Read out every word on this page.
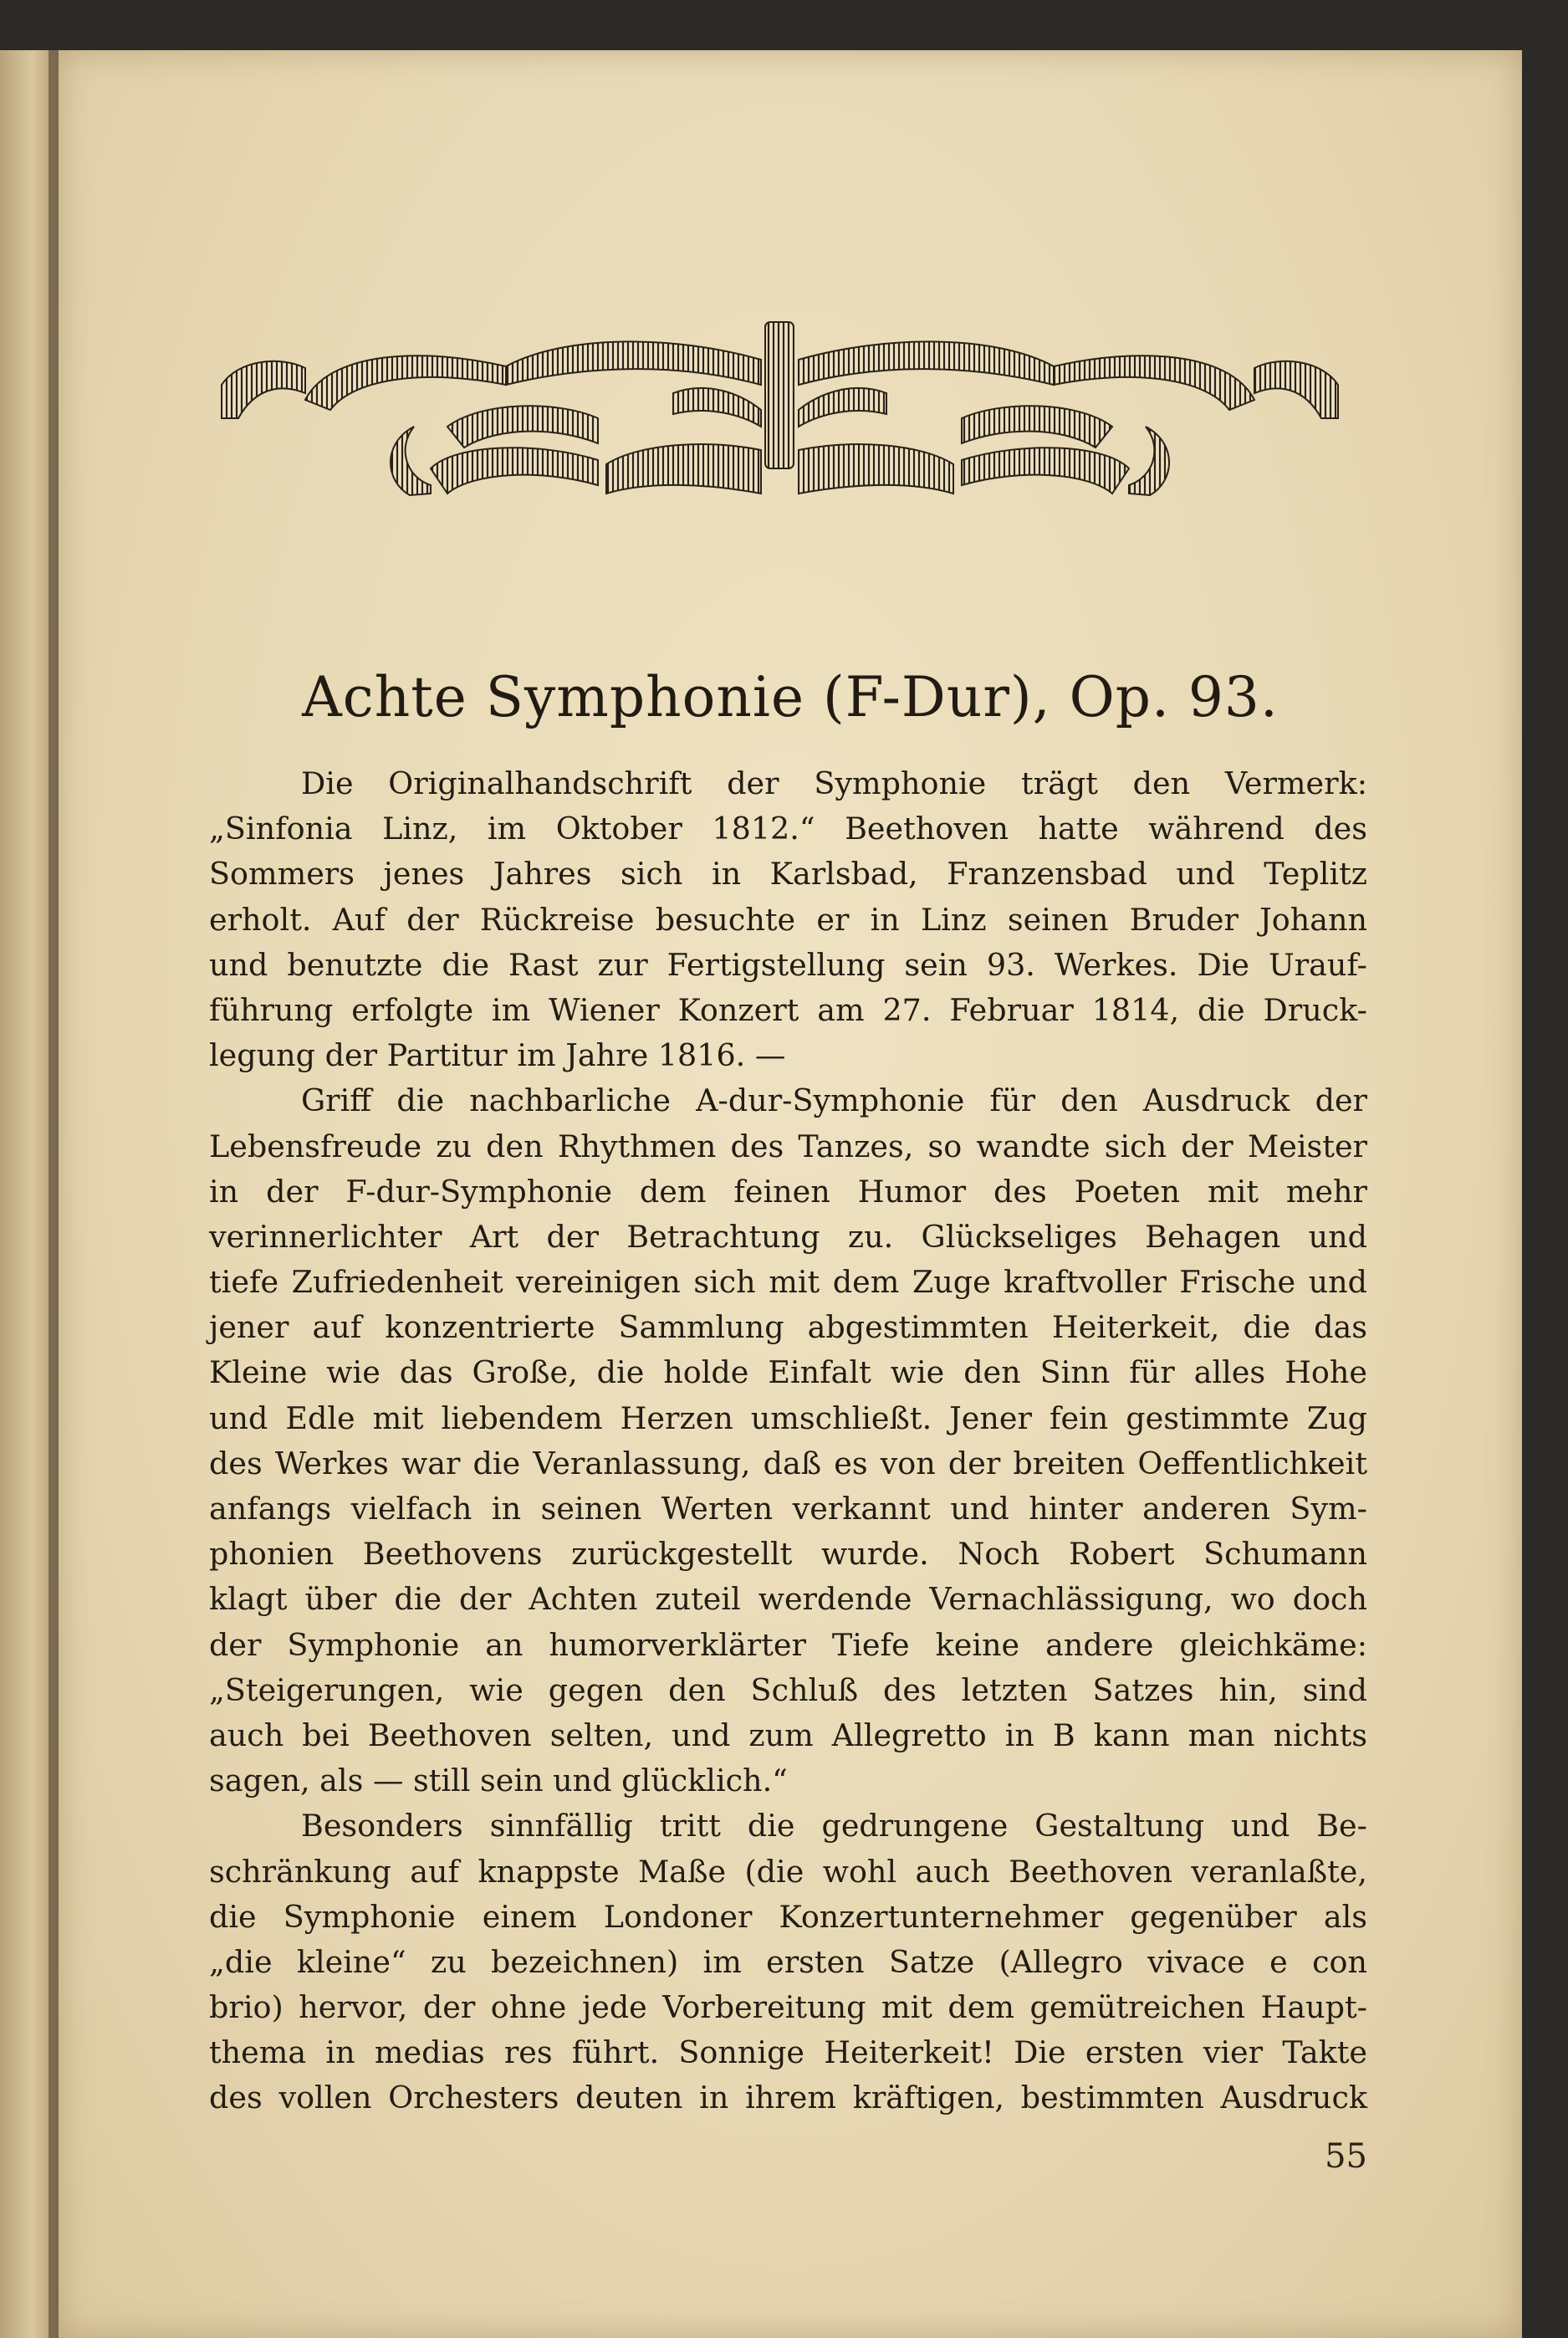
Achte Symphonie (F-Dur), Op. 93.
Die Originalhandschrift der Symphonie trägt den Vermerk:
„Sinfonia Linz, im Oktober 1812.“ Beethoven hatte während des
Sommers jenes Jahres sich in Karlsbad, Franzensbad und Teplitz
erholt. Auf der Rückreise besuchte er in Linz seinen Bruder Johann
und benutzte die Rast zur Fertigstellung sein 93. Werkes. Die Urauf-
führung erfolgte im Wiener Konzert am 27. Februar 1814, die Druck-
legung der Partitur im Jahre 1816. —
Griff die nachbarliche A-dur-Symphonie für den Ausdruck der
Lebensfreude zu den Rhythmen des Tanzes, so wandte sich der Meister
in der F-dur-Symphonie dem feinen Humor des Poeten mit mehr
verinnerlichter Art der Betrachtung zu. Glückseliges Behagen und
tiefe Zufriedenheit vereinigen sich mit dem Zuge kraftvoller Frische und
jener auf konzentrierte Sammlung abgestimmten Heiterkeit, die das
Kleine wie das Große, die holde Einfalt wie den Sinn für alles Hohe
und Edle mit liebendem Herzen umschließt. Jener fein gestimmte Zug
des Werkes war die Veranlassung, daß es von der breiten Oeffentlichkeit
anfangs vielfach in seinen Werten verkannt und hinter anderen Sym-
phonien Beethovens zurückgestellt wurde. Noch Robert Schumann
klagt über die der Achten zuteil werdende Vernachlässigung, wo doch
der Symphonie an humorverklärter Tiefe keine andere gleichkäme:
„Steigerungen, wie gegen den Schluß des letzten Satzes hin, sind
auch bei Beethoven selten, und zum Allegretto in B kann man nichts
sagen, als — still sein und glücklich.“
Besonders sinnfällig tritt die gedrungene Gestaltung und Be-
schränkung auf knappste Maße (die wohl auch Beethoven veranlaßte,
die Symphonie einem Londoner Konzertunternehmer gegenüber als
„die kleine“ zu bezeichnen) im ersten Satze (Allegro vivace e con
brio) hervor, der ohne jede Vorbereitung mit dem gemütreichen Haupt-
thema in medias res führt. Sonnige Heiterkeit! Die ersten vier Takte
des vollen Orchesters deuten in ihrem kräftigen, bestimmten Ausdruck
55
